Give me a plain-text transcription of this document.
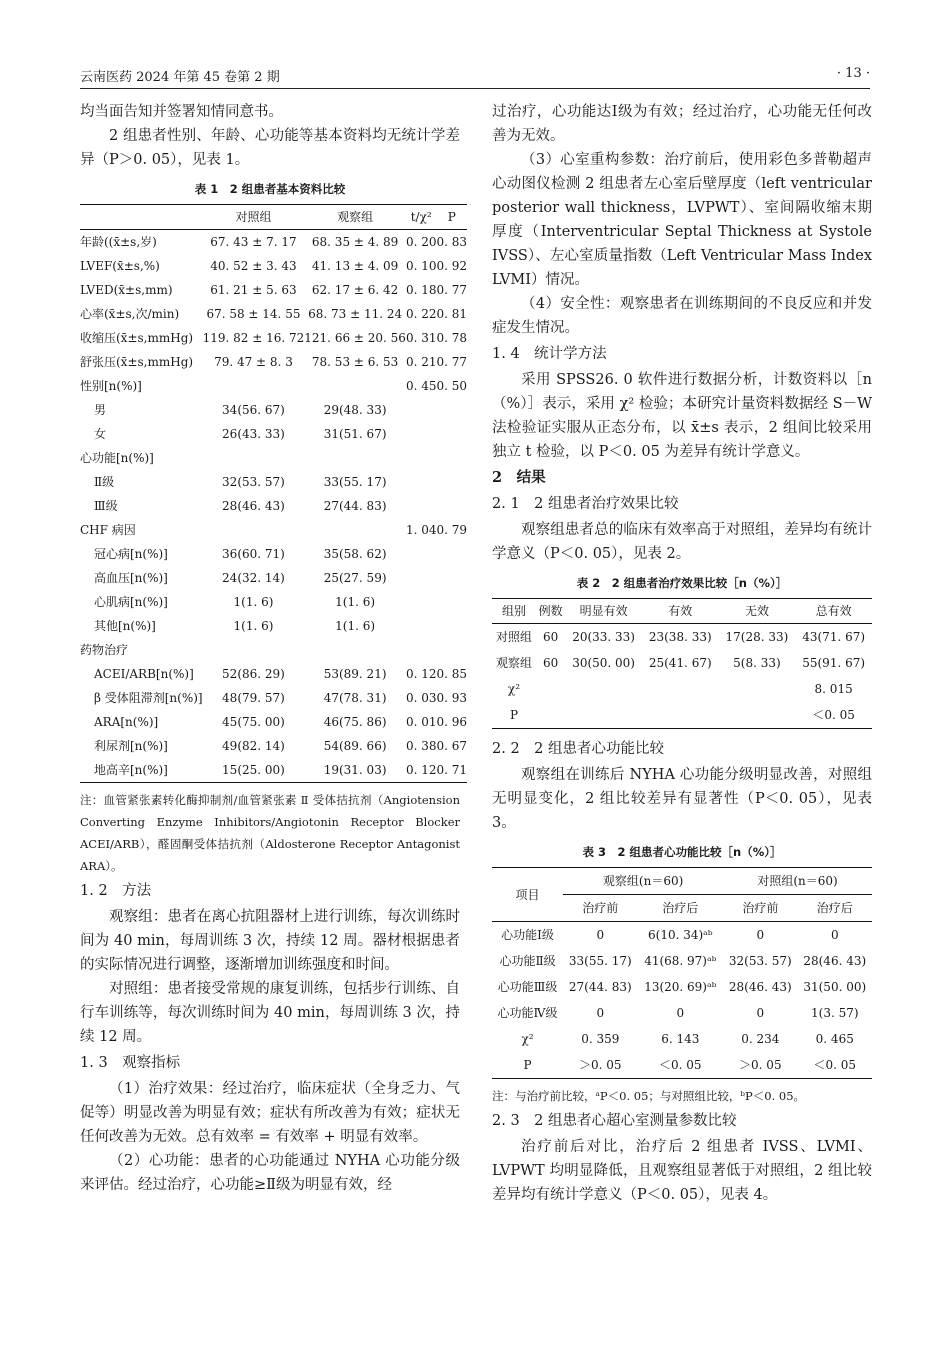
云南医药 2024 年第 45 卷第 2 期	· 13 ·

均当面告知并签署知情同意书。

2 组患者性别、年龄、心功能等基本资料均无统计学差异（P＞0. 05），见表 1。

表 1　2 组患者基本资料比较
	对照组	观察组	t/χ²	P
年龄((x̄±s,岁)	67. 43 ± 7. 17	68. 35 ± 4. 89	0. 20	0. 83
LVEF(x̄±s,%)	40. 52 ± 3. 43	41. 13 ± 4. 09	0. 10	0. 92
LVED(x̄±s,mm)	61. 21 ± 5. 63	62. 17 ± 6. 42	0. 18	0. 77
心率(x̄±s,次/min)	67. 58 ± 14. 55	68. 73 ± 11. 24	0. 22	0. 81
收缩压(x̄±s,mmHg)	119. 82 ± 16. 72	121. 66 ± 20. 56	0. 31	0. 78
舒张压(x̄±s,mmHg)	79. 47 ± 8. 3	78. 53 ± 6. 53	0. 21	0. 77
性别[n(%)]			0. 45	0. 50
男	34(56. 67)	29(48. 33)		
女	26(43. 33)	31(51. 67)		
心功能[n(%)]				
Ⅱ级	32(53. 57)	33(55. 17)		
Ⅲ级	28(46. 43)	27(44. 83)		
CHF 病因			1. 04	0. 79
冠心病[n(%)]	36(60. 71)	35(58. 62)		
高血压[n(%)]	24(32. 14)	25(27. 59)		
心肌病[n(%)]	1(1. 6)	1(1. 6)		
其他[n(%)]	1(1. 6)	1(1. 6)		
药物治疗				
ACEI/ARB[n(%)]	52(86. 29)	53(89. 21)	0. 12	0. 85
β 受体阻滞剂[n(%)]	48(79. 57)	47(78. 31)	0. 03	0. 93
ARA[n(%)]	45(75. 00)	46(75. 86)	0. 01	0. 96
利尿剂[n(%)]	49(82. 14)	54(89. 66)	0. 38	0. 67
地高辛[n(%)]	15(25. 00)	19(31. 03)	0. 12	0. 71
注：血管紧张素转化酶抑制剂/血管紧张素 Ⅱ 受体拮抗剂（Angiotension Converting Enzyme Inhibitors/Angiotonin Receptor Blocker ACEI/ARB），醛固酮受体拮抗剂（Aldosterone Receptor Antagonist ARA）。

1. 2　方法

观察组：患者在离心抗阻器材上进行训练，每次训练时间为 40 min，每周训练 3 次，持续 12 周。器材根据患者的实际情况进行调整，逐渐增加训练强度和时间。

对照组：患者接受常规的康复训练，包括步行训练、自行车训练等，每次训练时间为 40 min，每周训练 3 次，持续 12 周。

1. 3　观察指标

（1）治疗效果：经过治疗，临床症状（全身乏力、气促等）明显改善为明显有效；症状有所改善为有效；症状无任何改善为无效。总有效率 = 有效率 + 明显有效率。

（2）心功能：患者的心功能通过 NYHA 心功能分级来评估。经过治疗，心功能≥Ⅱ级为明显有效，经

过治疗，心功能达Ⅰ级为有效；经过治疗，心功能无任何改善为无效。

（3）心室重构参数：治疗前后，使用彩色多普勒超声心动图仪检测 2 组患者左心室后壁厚度（left ventricular posterior wall thickness，LVPWT）、室间隔收缩末期厚度（Interventricular Septal Thickness at Systole IVSS）、左心室质量指数（Left Ventricular Mass Index LVMI）情况。

（4）安全性：观察患者在训练期间的不良反应和并发症发生情况。

1. 4　统计学方法

采用 SPSS26. 0 软件进行数据分析，计数资料以［n（%）］表示，采用 χ² 检验；本研究计量资料数据经 S－W 法检验证实服从正态分布，以 x̄±s 表示，2 组间比较采用独立 t 检验，以 P＜0. 05 为差异有统计学意义。

2　结果

2. 1　2 组患者治疗效果比较

观察组患者总的临床有效率高于对照组，差异均有统计学意义（P＜0. 05），见表 2。

表 2　2 组患者治疗效果比较［n（%）］
组别	例数	明显有效	有效	无效	总有效
对照组	60	20(33. 33)	23(38. 33)	17(28. 33)	43(71. 67)
观察组	60	30(50. 00)	25(41. 67)	5(8. 33)	55(91. 67)
χ²					8. 015
P					＜0. 05

2. 2　2 组患者心功能比较

观察组在训练后 NYHA 心功能分级明显改善，对照组无明显变化，2 组比较差异有显著性（P＜0. 05），见表 3。

表 3　2 组患者心功能比较［n（%）］
项目	观察组(n＝60)		对照组(n＝60)	
	治疗前	治疗后	治疗前	治疗后
心功能Ⅰ级	0	6(10. 34)ᵃᵇ	0	0
心功能Ⅱ级	33(55. 17)	41(68. 97)ᵃᵇ	32(53. 57)	28(46. 43)
心功能Ⅲ级	27(44. 83)	13(20. 69)ᵃᵇ	28(46. 43)	31(50. 00)
心功能Ⅳ级	0	0	0	1(3. 57)
χ²	0. 359	6. 143	0. 234	0. 465
P	＞0. 05	＜0. 05	＞0. 05	＜0. 05
注：与治疗前比较，ᵃP＜0. 05；与对照组比较，ᵇP＜0. 05。

2. 3　2 组患者心超心室测量参数比较

治疗前后对比，治疗后 2 组患者 IVSS、LVMI、LVPWT 均明显降低，且观察组显著低于对照组，2 组比较差异均有统计学意义（P＜0. 05），见表 4。
